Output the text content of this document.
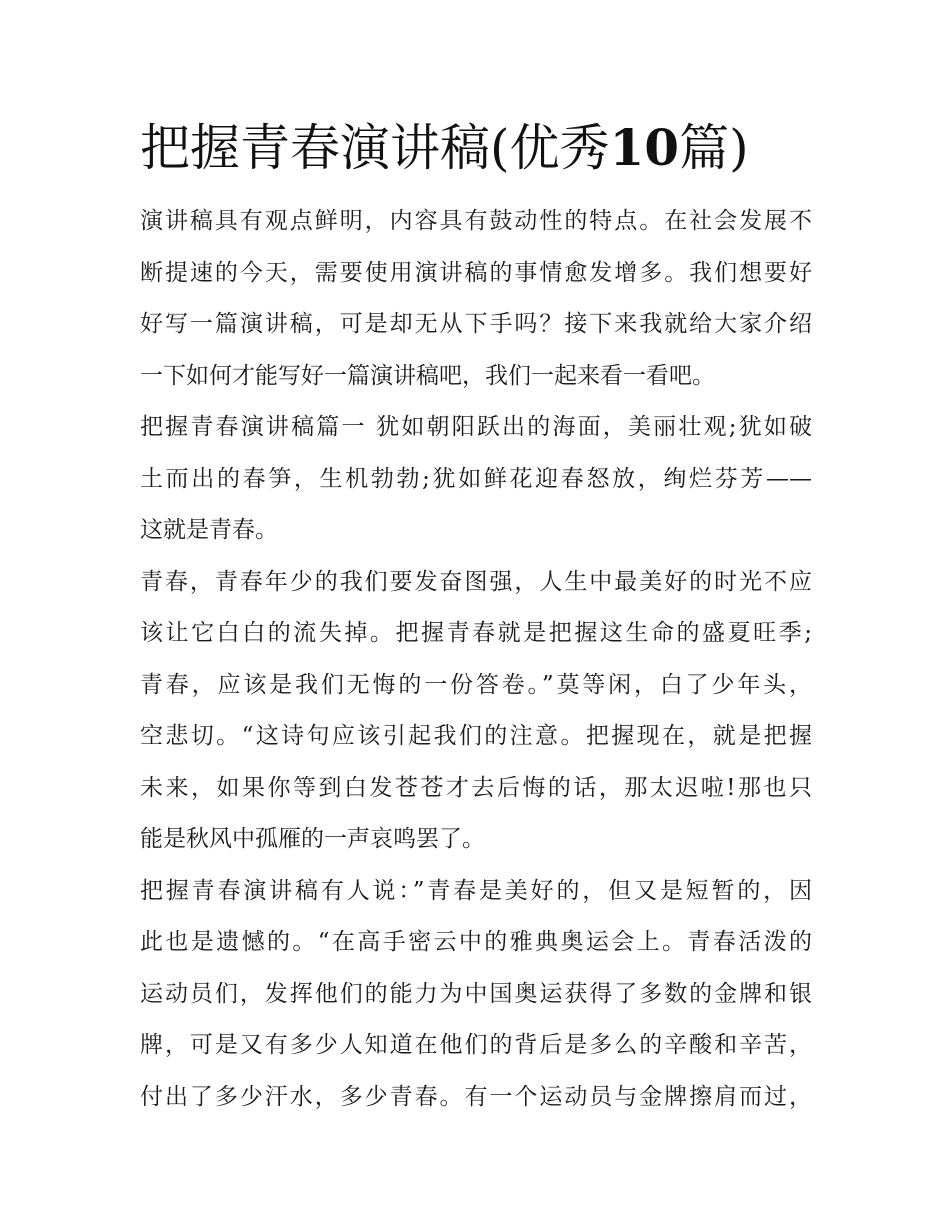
把握青春演讲稿(优秀10篇)

演讲稿具有观点鲜明，内容具有鼓动性的特点。在社会发展不
断提速的今天，需要使用演讲稿的事情愈发增多。我们想要好
好写一篇演讲稿，可是却无从下手吗？接下来我就给大家介绍
一下如何才能写好一篇演讲稿吧，我们一起来看一看吧。

把握青春演讲稿篇一 犹如朝阳跃出的海面，美丽壮观;犹如破
土而出的春笋，生机勃勃;犹如鲜花迎春怒放，绚烂芬芳——
这就是青春。

青春，青春年少的我们要发奋图强，人生中最美好的时光不应
该让它白白的流失掉。把握青春就是把握这生命的盛夏旺季;
青春，应该是我们无悔的一份答卷。”莫等闲，白了少年头，
空悲切。“这诗句应该引起我们的注意。把握现在，就是把握
未来，如果你等到白发苍苍才去后悔的话，那太迟啦!那也只
能是秋风中孤雁的一声哀鸣罢了。

把握青春演讲稿有人说：”青春是美好的，但又是短暂的，因
此也是遗憾的。“在高手密云中的雅典奥运会上。青春活泼的
运动员们，发挥他们的能力为中国奥运获得了多数的金牌和银
牌，可是又有多少人知道在他们的背后是多么的辛酸和辛苦，
付出了多少汗水，多少青春。有一个运动员与金牌擦肩而过，
